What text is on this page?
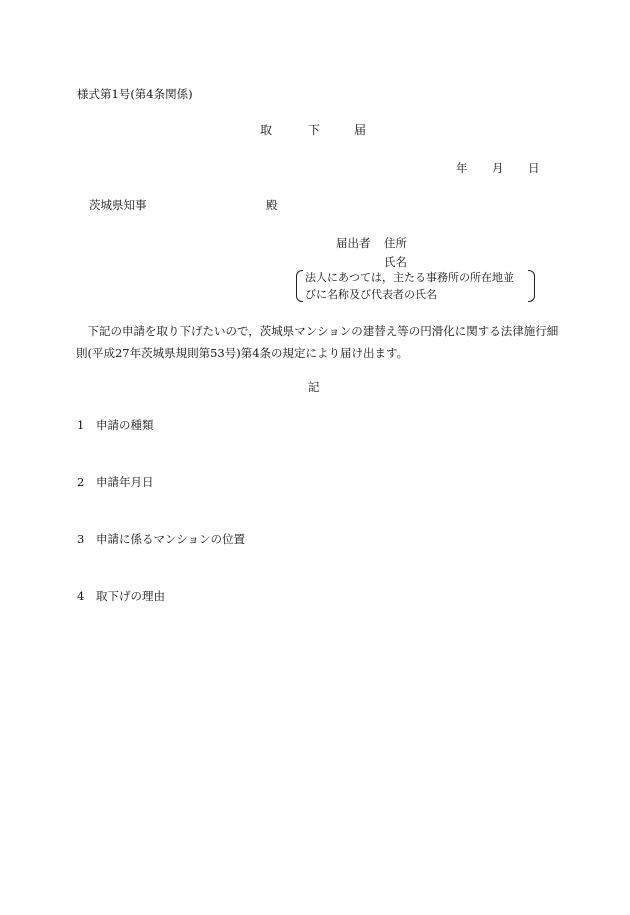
様式第1号(第4条関係)
取	下	届
年 月 日
茨城県知事	殿
届出者 住所
氏名
法人にあつては，主たる事務所の所在地並
びに名称及び代表者の氏名
下記の申請を取り下げたいので，茨城県マンションの建替え等の円滑化に関する法律施行細則(平成27年茨城県規則第53号)第4条の規定により届け出ます。
記
1 申請の種類
2 申請年月日
3 申請に係るマンションの位置
4 取下げの理由
